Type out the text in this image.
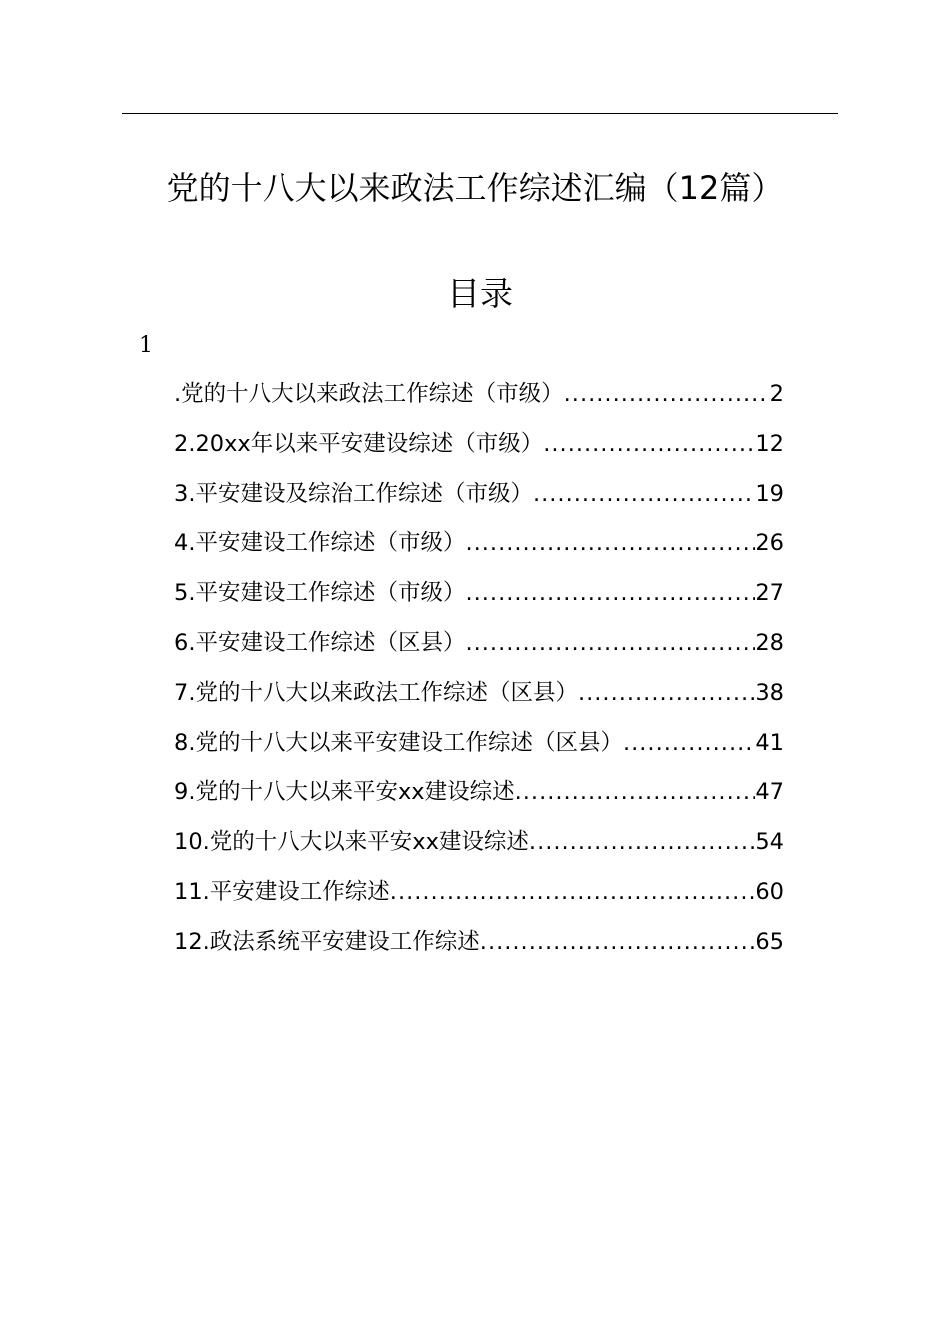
党的十八大以来政法工作综述汇编（12篇）
目录
1
.党的十八大以来政法工作综述（市级） .....	2
2.20xx年以来平安建设综述（市级） .....	12
3.平安建设及综治工作综述（市级） .....	19
4.平安建设工作综述（市级） .....	26
5.平安建设工作综述（市级） .....	27
6.平安建设工作综述（区县） .....	28
7.党的十八大以来政法工作综述（区县） .....	38
8.党的十八大以来平安建设工作综述（区县） .....	41
9.党的十八大以来平安xx建设综述 .....	47
10.党的十八大以来平安xx建设综述 .....	54
11.平安建设工作综述 .....	60
12.政法系统平安建设工作综述 .....	65
